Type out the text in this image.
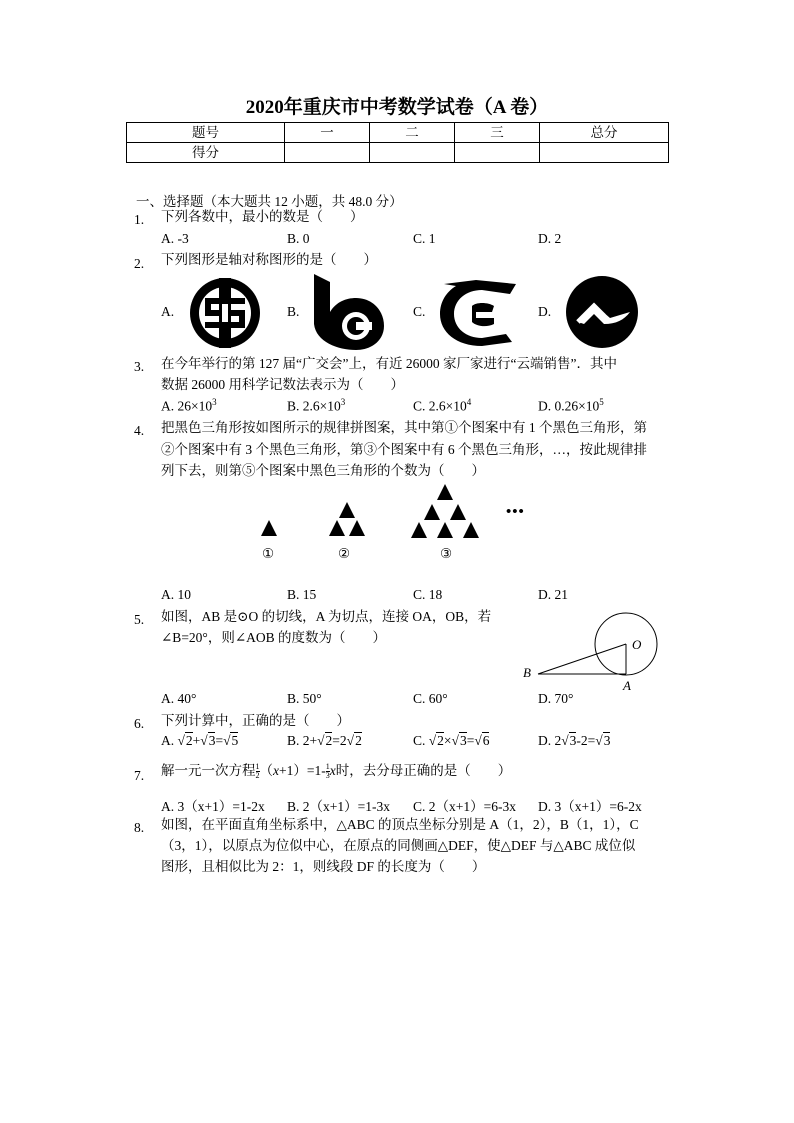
2020年重庆市中考数学试卷（A 卷）
题号	一	二	三	总分
得分				
一、选择题（本大题共 12 小题，共 48.0 分）
1. 下列各数中，最小的数是（　　）
A. -3	B. 0	C. 1	D. 2
2. 下列图形是轴对称图形的是（　　）
A.	B.	C.	D.
3. 在今年举行的第 127 届“广交会”上，有近 26000 家厂家进行“云端销售”．其中
数据 26000 用科学记数法表示为（　　）
A. $26\times 10^3$	B. $2.6\times 10^3$	C. $2.6\times 10^4$	D. $0.26\times 10^5$
4. 把黑色三角形按如图所示的规律拼图案，其中第①个图案中有 1 个黑色三角形，第
②个图案中有 3 个黑色三角形，第③个图案中有 6 个黑色三角形，…，按此规律排
列下去，则第⑤个图案中黑色三角形的个数为（　　）
•••
①	②	③
A. 10	B. 15	C. 18	D. 21
5. 如图，AB 是⊙O 的切线，A 为切点，连接 OA，OB，若
∠B=20°，则∠AOB 的度数为（　　）	O
A
B
A. 40°	B. 50°	C. 60°	D. 70°
6. 下列计算中，正确的是（　　）
A. √2+√3=√5	B. 2+√2=2√2	C. √2×√3=√6	D. 2√3-2=√3
7. 解一元一次方程 $\frac{1}{2} (x+1)=1- \frac{1}{3}$ x时，去分母正确的是（　　）
A. 3（x+1）=1-2x B. 2（x+1）=1-3x C. 2（x+1）=6-3x D. 3（x+1）=6-2x
8. 如图，在平面直角坐标系中，△ABC 的顶点坐标分别是 A（1，2），B（1，1），C
（3，1），以原点为位似中心，在原点的同侧画△DEF，使△DEF 与△ABC 成位似
图形，且相似比为 2：1，则线段 DF 的长度为（　　）
